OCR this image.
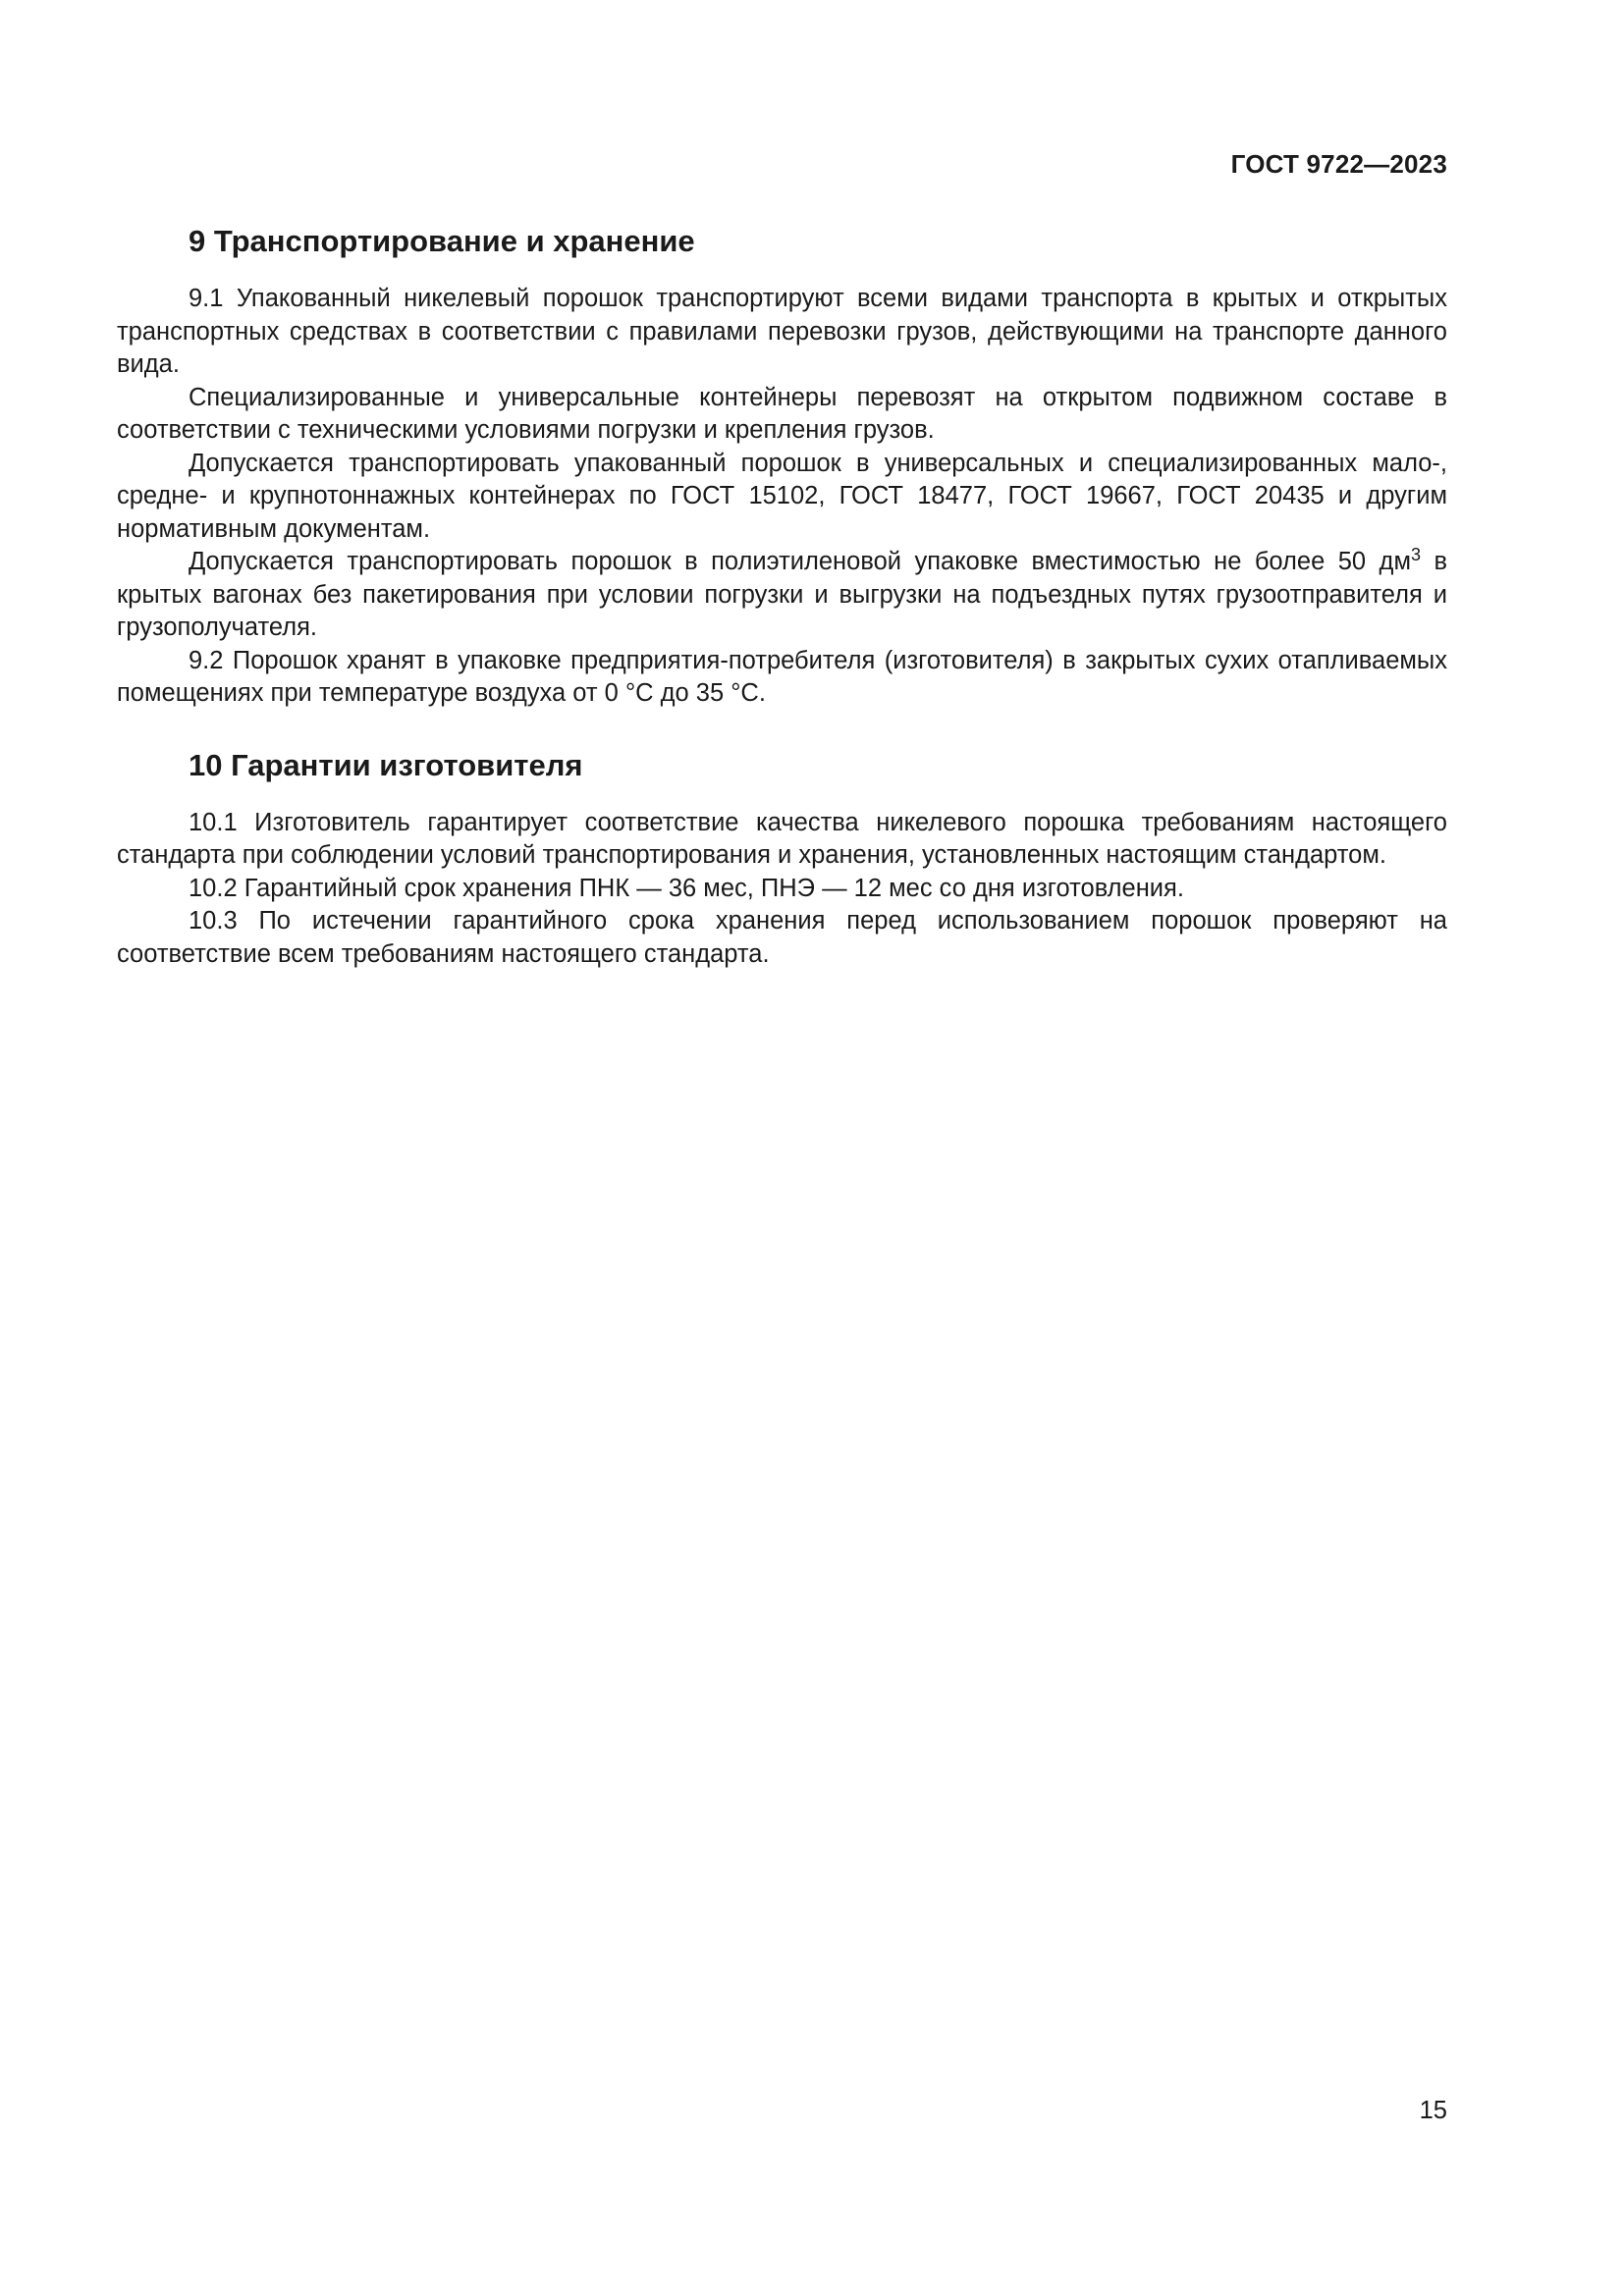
ГОСТ 9722—2023
9 Транспортирование и хранение

9.1 Упакованный никелевый порошок транспортируют всеми видами транспорта в крытых и открытых транспортных средствах в соответствии с правилами перевозки грузов, действующими на транспорте данного вида.

Специализированные и универсальные контейнеры перевозят на открытом подвижном составе в соответствии с техническими условиями погрузки и крепления грузов.

Допускается транспортировать упакованный порошок в универсальных и специализированных мало-, средне- и крупнотоннажных контейнерах по ГОСТ 15102, ГОСТ 18477, ГОСТ 19667, ГОСТ 20435 и другим нормативным документам.

Допускается транспортировать порошок в полиэтиленовой упаковке вместимостью не более 50 $дм^3$ в крытых вагонах без пакетирования при условии погрузки и выгрузки на подъездных путях грузоотправителя и грузополучателя.

9.2 Порошок хранят в упаковке предприятия-потребителя (изготовителя) в закрытых сухих отапливаемых помещениях при температуре воздуха от 0 °С до 35 °С.

10 Гарантии изготовителя

10.1 Изготовитель гарантирует соответствие качества никелевого порошка требованиям настоящего стандарта при соблюдении условий транспортирования и хранения, установленных настоящим стандартом.

10.2 Гарантийный срок хранения ПНК — 36 мес, ПНЭ — 12 мес со дня изготовления.

10.3 По истечении гарантийного срока хранения перед использованием порошок проверяют на соответствие всем требованиям настоящего стандарта.

15
